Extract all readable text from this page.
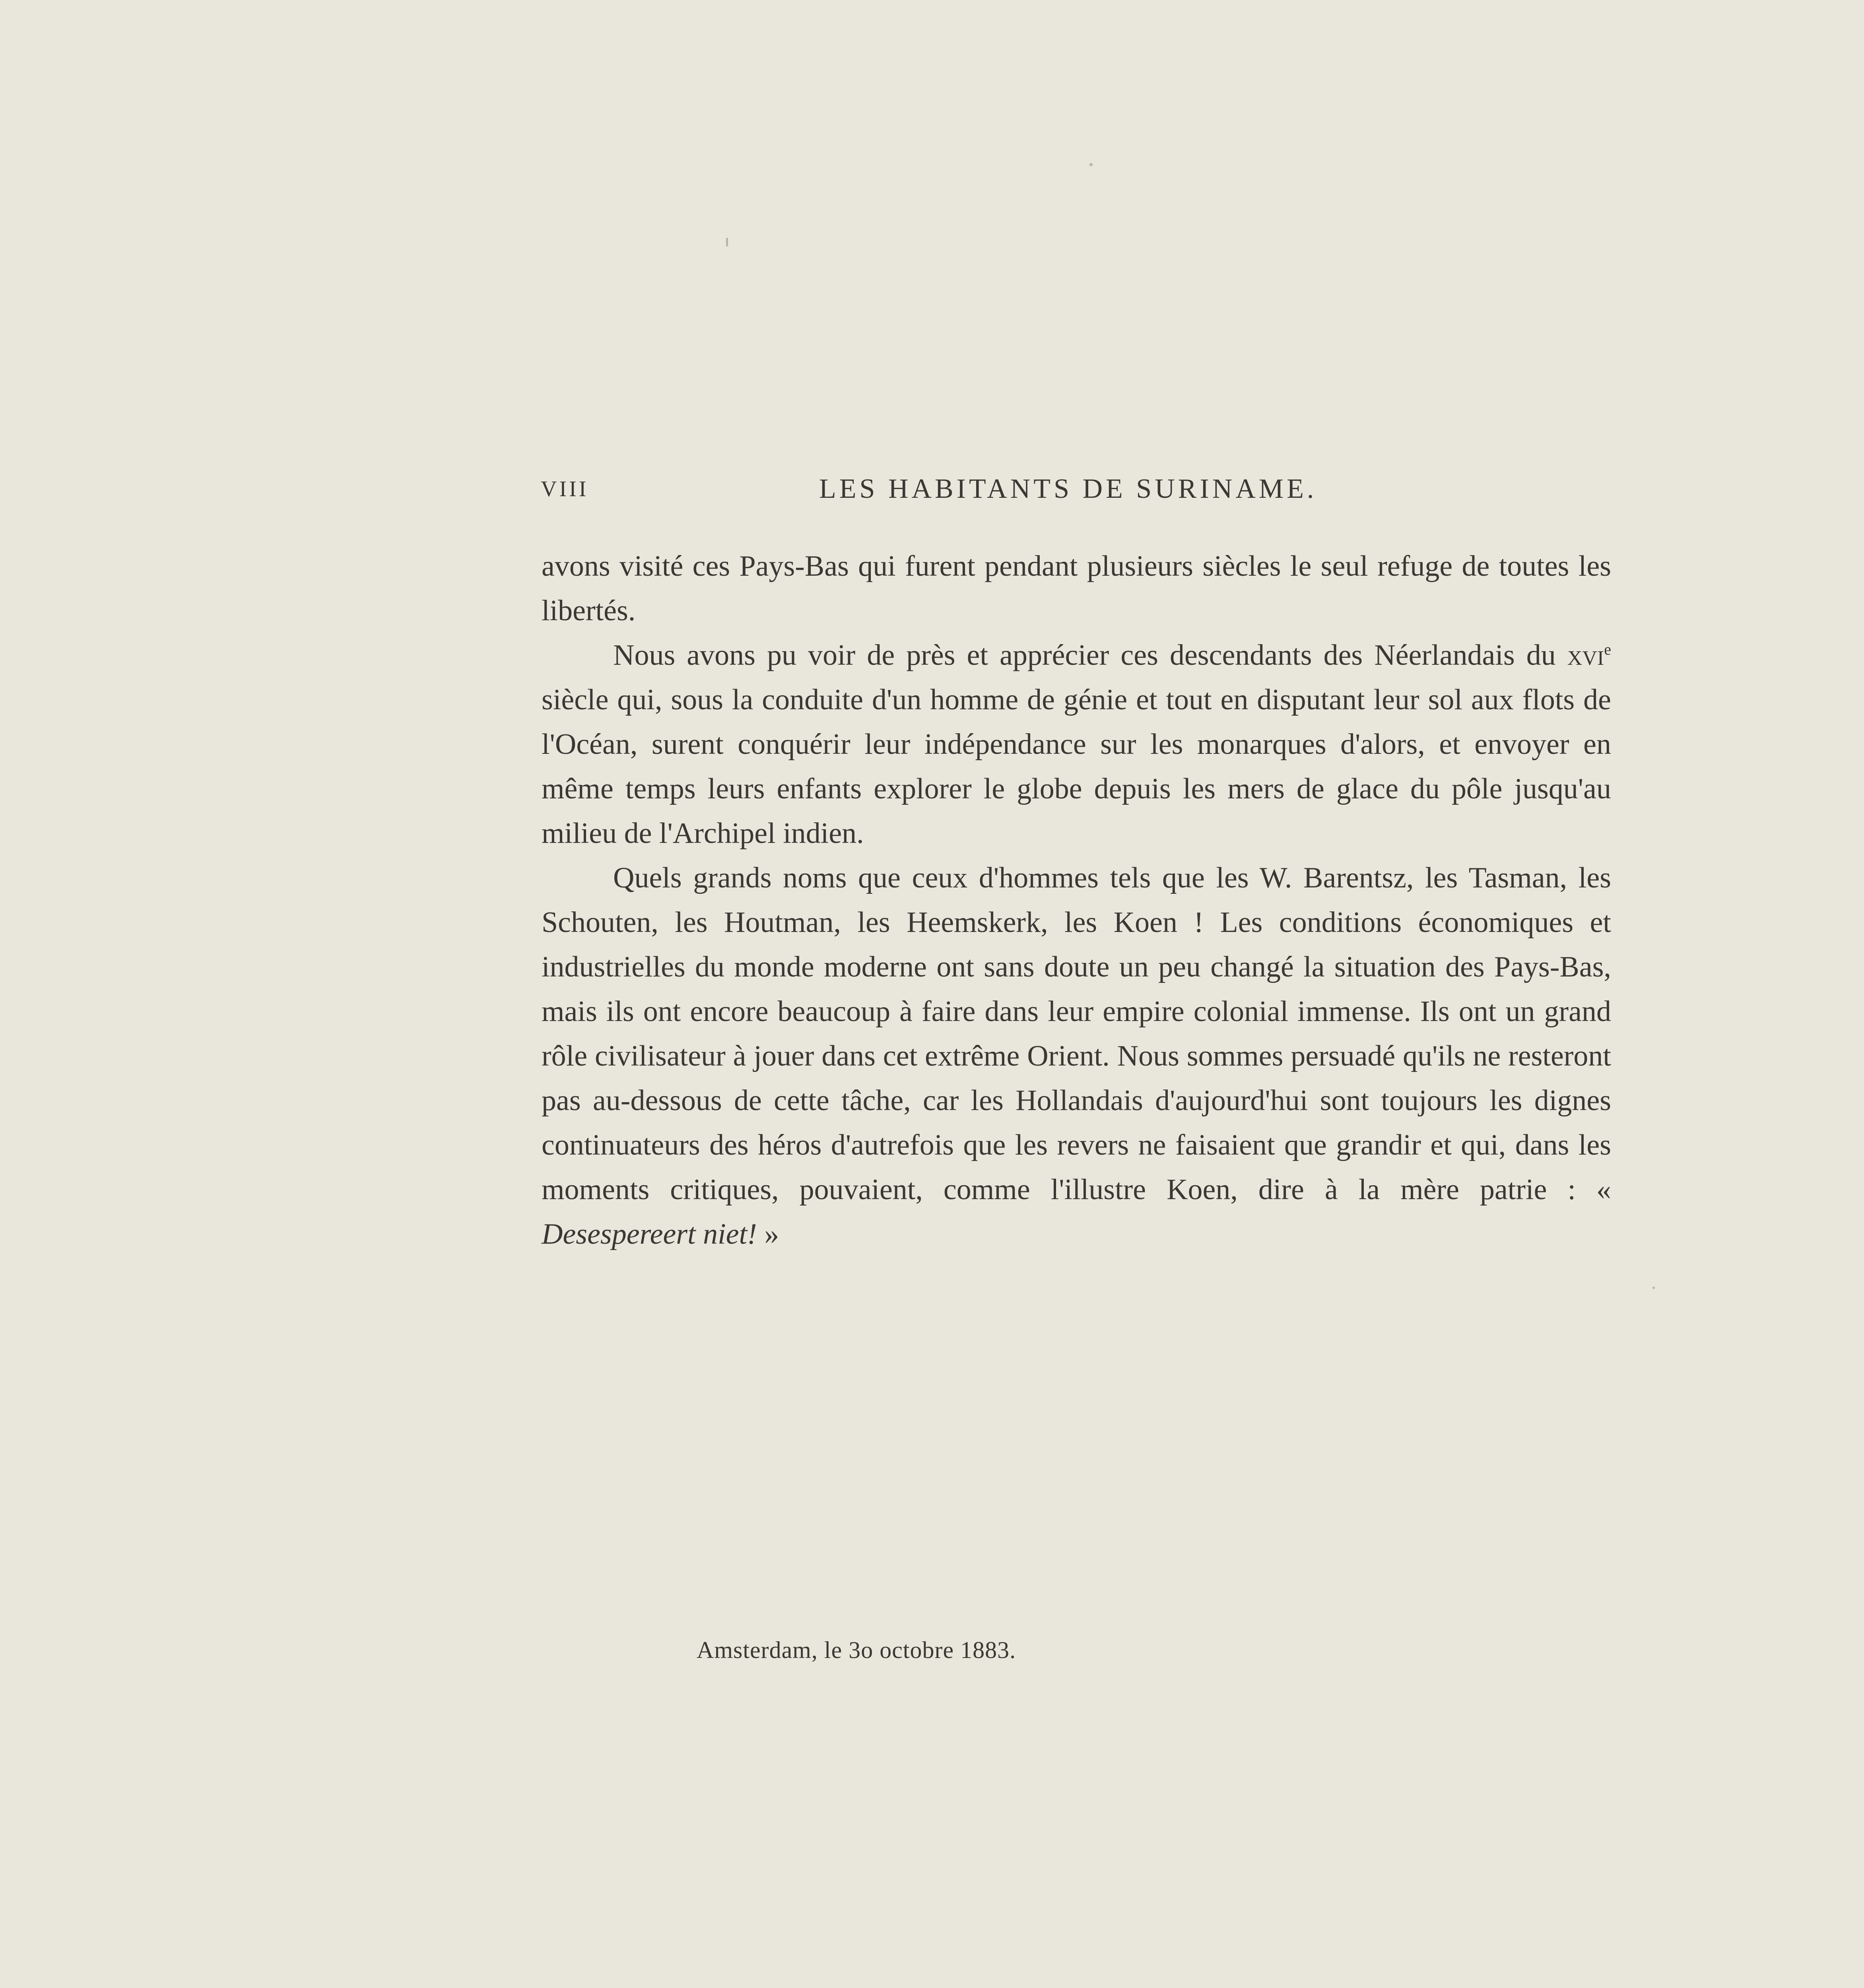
VIII	LES HABITANTS DE SURINAME.

avons visité ces Pays-Bas qui furent pendant plusieurs siècles le seul refuge de toutes les libertés.

Nous avons pu voir de près et apprécier ces descendants des Néerlandais du xvi$^e$ siècle qui, sous la conduite d'un homme de génie et tout en disputant leur sol aux flots de l'Océan, surent conquérir leur indépendance sur les monarques d'alors, et envoyer en même temps leurs enfants explorer le globe depuis les mers de glace du pôle jusqu'au milieu de l'Archipel indien.

Quels grands noms que ceux d'hommes tels que les W. Barentsz, les Tasman, les Schouten, les Houtman, les Heemskerk, les Koen ! Les conditions économiques et industrielles du monde moderne ont sans doute un peu changé la situation des Pays-Bas, mais ils ont encore beaucoup à faire dans leur empire colonial immense. Ils ont un grand rôle civilisateur à jouer dans cet extrême Orient. Nous sommes persuadé qu'ils ne resteront pas au-dessous de cette tâche, car les Hollandais d'aujourd'hui sont toujours les dignes continuateurs des héros d'autrefois que les revers ne faisaient que grandir et qui, dans les moments critiques, pouvaient, comme l'illustre Koen, dire à la mère patrie : « Desespereert niet! »

Amsterdam, le 3o octobre 1883.
